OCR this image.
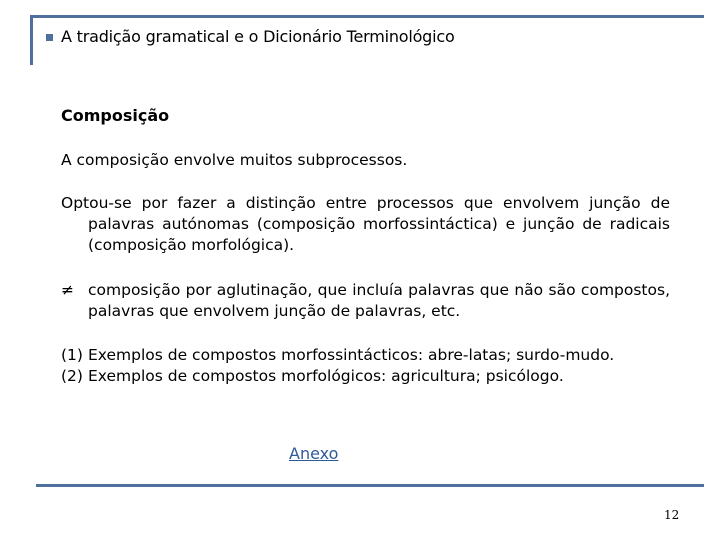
A tradição gramatical e o Dicionário Terminológico
Composição
A composição envolve muitos subprocessos.
Optou-se por fazer a distinção entre processos que envolvem junção de palavras autónomas (composição morfossintáctica) e junção de radicais (composição morfológica).
≠ composição por aglutinação, que incluía palavras que não são compostos, palavras que envolvem junção de palavras, etc.
(1) Exemplos de compostos morfossintácticos: abre-latas; surdo-mudo.
(2) Exemplos de compostos morfológicos: agricultura; psicólogo.
Anexo
12
